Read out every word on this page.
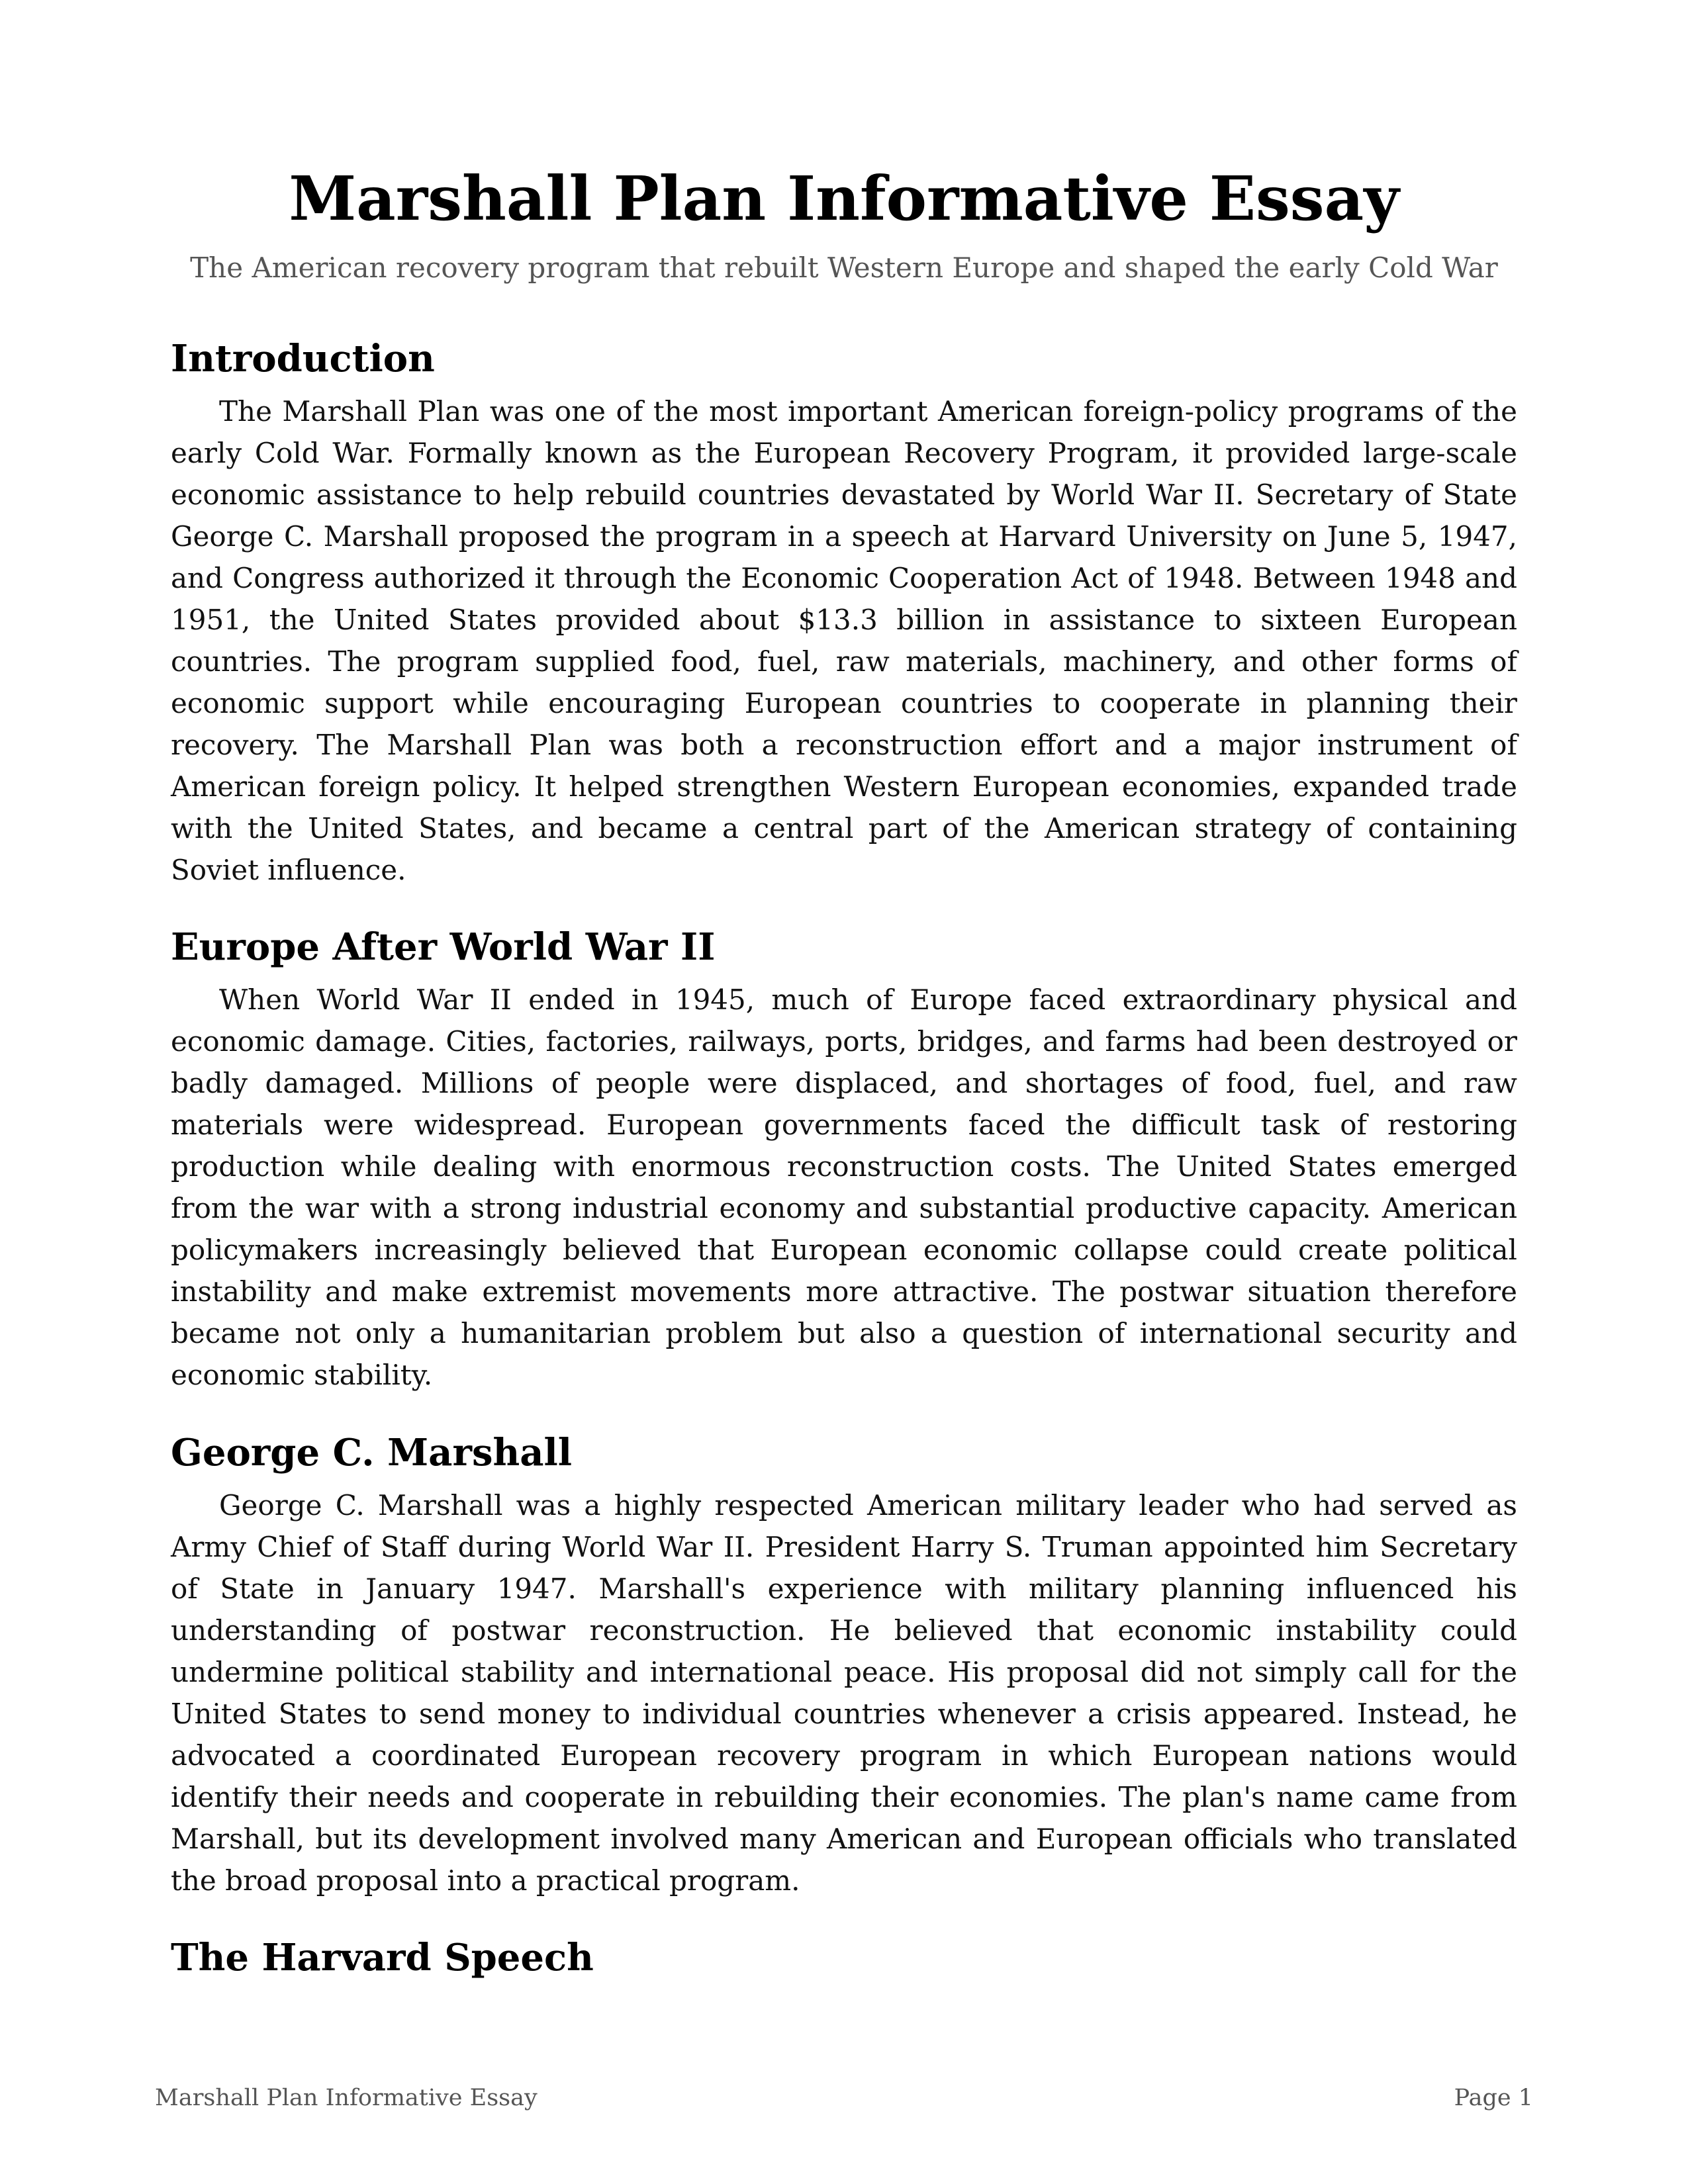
Marshall Plan Informative Essay

The American recovery program that rebuilt Western Europe and shaped the early Cold War

Introduction

The Marshall Plan was one of the most important American foreign-policy programs of the early Cold War. Formally known as the European Recovery Program, it provided large-scale economic assistance to help rebuild countries devastated by World War II. Secretary of State George C. Marshall proposed the program in a speech at Harvard University on June 5, 1947, and Congress authorized it through the Economic Cooperation Act of 1948. Between 1948 and 1951, the United States provided about $13.3 billion in assistance to sixteen European countries. The program supplied food, fuel, raw materials, machinery, and other forms of economic support while encouraging European countries to cooperate in planning their recovery. The Marshall Plan was both a reconstruction effort and a major instrument of American foreign policy. It helped strengthen Western European economies, expanded trade with the United States, and became a central part of the American strategy of containing Soviet influence.

Europe After World War II

When World War II ended in 1945, much of Europe faced extraordinary physical and economic damage. Cities, factories, railways, ports, bridges, and farms had been destroyed or badly damaged. Millions of people were displaced, and shortages of food, fuel, and raw materials were widespread. European governments faced the difficult task of restoring production while dealing with enormous reconstruction costs. The United States emerged from the war with a strong industrial economy and substantial productive capacity. American policymakers increasingly believed that European economic collapse could create political instability and make extremist movements more attractive. The postwar situation therefore became not only a humanitarian problem but also a question of international security and economic stability.

George C. Marshall

George C. Marshall was a highly respected American military leader who had served as Army Chief of Staff during World War II. President Harry S. Truman appointed him Secretary of State in January 1947. Marshall's experience with military planning influenced his understanding of postwar reconstruction. He believed that economic instability could undermine political stability and international peace. His proposal did not simply call for the United States to send money to individual countries whenever a crisis appeared. Instead, he advocated a coordinated European recovery program in which European nations would identify their needs and cooperate in rebuilding their economies. The plan's name came from Marshall, but its development involved many American and European officials who translated the broad proposal into a practical program.

The Harvard Speech
Marshall Plan Informative Essay	Page 1
